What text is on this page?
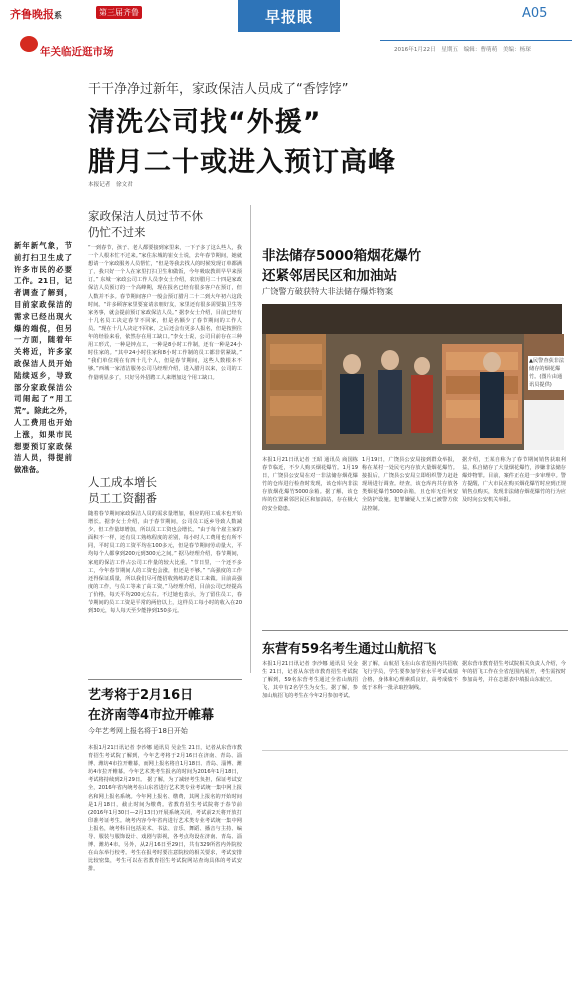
齐鲁晚报系	第三届齐鲁	早报眼	A05
2016年1月22日　星期五　编辑：曹萌萌　美编：杨琛
年关临近逛市场
干干净净过新年，家政保洁人员成了“香饽饽”
清洗公司找“外援”
腊月二十或进入预订高峰
本报记者　徐文君
新年新气象，节前打扫卫生成了许多市民的必要工作。21日，记者调查了解到，目前家政保洁的需求已经出现火爆的端倪，但另一方面，随着年关将近，许多家政保洁人员开始陆续返乡，导致部分家政保洁公司闹起了“用工荒”。除此之外，人工费用也开始上涨，如果市民想要预订家政保洁人员，得提前做准备。
家政保洁人员过节不休
仍忙不过来
“一到春节，孩子、老人都要接到家里来，一下子多了这么些人，我一个人根本忙不过来。”家住东城的崔女士说，去年春节期间，她就想请一个家政服务人员帮忙，“但是等我去找人的时候发现订单都满了，我只好一个人在家里打扫卫生和做饭，今年吸取教训早早来预订。” 东城一家政公司工作人员李女士介绍，农历腊月二十四是家政保洁人员预订的一个高峰期，现在报名已经有很多客户在预订，但人数并不多。春节期间客户一般会预订腊月二十二到大年初六这段时间。“许多顾客家里要宴请亲朋好友，家里还有很多需要搞卫生等家务事，就会提前预订家政保洁人员。” 据李女士介绍，目前已经有十几名员工决定春节不回家，但是名额少了春节期间的工作人员。“现在十几人决定不回家，之后还会有更多人报名，但是按照往年的经验来看，依然存在用工缺口。”李女士说，公司目前存在三种用工形式，一种是钟点工，一种是8小时工作制，还有一种是24小时住家的。“其中24小时住家和8小时工作制的员工都非常紧缺。” “我们单位现在有四十几个人，但是春节期间，这些人数根本不够。”西城一家清洁服务公司马经理介绍，进入腊月以来，公司的工作量明显多了，只好另外招聘工人来增加这个用工缺口。
人工成本增长
员工工资翻番
随着春节期间家政保洁人员的需求量增加，相应的用工成本也开始增长。据李女士介绍，由于春节期间，公司员工返乡导致人数减少，但工作量却增加，所以员工工资也会增长。“由于每个雇主家的面积不一样，还有员工熟练程度的差别，每小时人工费用也有所不同，平时员工的工资平均在100多元，但是春节期间劳动量大，平均每个人都拿到200元到300元之间。” 据马经理介绍，春节期间，家庭的保洁工作占公司工作量的较大比重。“节日里，一个还不多工，今年春节期间人的工资也会涨，但还是不够。” “高强度的工作还得保证质量，所以我们尽可能招收熟练的老员工来做。目前高强度的工作，与员工等来了高工资，”马经理介绍，目前公司已经提高了价格，每天平均200元左右。不过她也表示，为了留住员工，春节期间的员工工资是平常的两倍以上，这样员工每小时的收入在20到30元，每人每天至少能挣到150多元。
艺考将于2月16日
在济南等4市拉开帷幕
今年艺考网上报名将于18日开始
本报1月21日讯记者 李沙娜 通讯员 吴金生 21日，记者从东营市教育招生考试院了解到，今年艺考将于2月16日在济南、青岛、淄博、潍坊4市拉开帷幕，而网上报名将自1月18日、青岛、淄博、潍坊4市拉开帷幕。今年艺术类考生报名的时间为2016年1月18日，考试将持续到2月29日。 据了解，为了减轻考生负担，保证考试安全，2016年省内统考在山东省进行艺术类专业考试统一集中网上报名和网上报名系统。今年网上报名、缴费，其网上报名的开始时间是1月18日，截止时间为缴费。省教育招生考试院将于春节前(2016年1月30日—2月13日)开展系统关闭，考试前2天将开放打印准考证考生。统考内容今年省内进行艺术类专业考试统一集中网上报名，统考科目包括美术、书法、音乐、舞蹈、播音与主持、编导、服装与服饰设计、戏剧与影视，各考点均设在济南、青岛、淄博、潍坊4市。另外，从2月16日至29日，共有329所省内外院校在山东举行校考。考生在报考时要注意院校的相关要求，考试安排比较密集，考生可以在省教育招生考试院网站查询具体的考试安排。
非法储存5000箱烟花爆竹
还紧邻居民区和加油站
广饶警方破获特大非法储存爆炸物案
▲民警查获非法储存的烟花爆竹。(图片由通讯员提供)
本报1月21日讯记者 王昭 通讯员 商国栋 春节临近，不少人购买烟花爆竹。1月19日，广饶县公安局在对一非法储存烟花爆竹的仓库进行检查时发现，该仓库内非法存放烟花爆竹5000余箱。据了解，该仓库的位置紧邻居民区和加油站，存在极大的安全隐患。
1月19日，广饶县公安局接到群众举报，称在某村一处民宅内存放大量烟花爆竹。接报后，广饶县公安局立即组织警力赶赴现场进行调查。经查，该仓库内共存放各类烟花爆竹5000余箱，且仓库无任何安全防护设施。犯罪嫌疑人王某已被警方依法控制。
据介绍，王某自称为了春节期间销售获取利益，私自储存了大量烟花爆竹，涉嫌非法储存爆炸物罪。目前，案件正在进一步审理中。警方提醒，广大市民在购买烟花爆竹时应到正规销售点购买，发现非法储存烟花爆竹的行为应及时向公安机关举报。
东营有59名考生通过山航招飞
本报1月21日讯记者 李沙娜 通讯员 吴金生 21日，记者从东营市教育招生考试院了解到，59名东营考生通过全省山航招飞，其中有2名学生为女生。据了解，参加山航招飞的考生在今年2月参加考试。
据了解，山航招飞在山东省范围内共招收飞行学员，学生要参加学业水平考试成绩合格，身体和心理素质良好，高考成绩不低于本科一批录取控制线。
据东营市教育招生考试院相关负责人介绍，今年的招飞工作在全省范围内展开，考生需按时参加高考，并在志愿表中填报山东航空。
